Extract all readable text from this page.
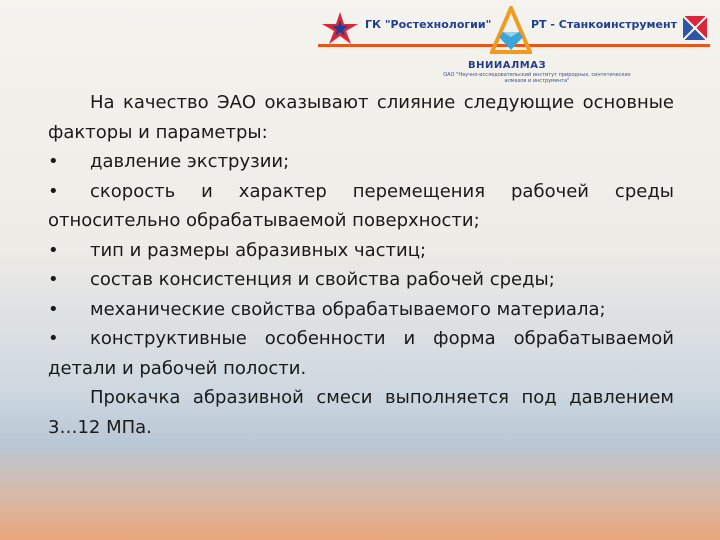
ГК "Ростехнологии"	РТ - Станкоинструмент
ВНИИАЛМАЗ
ОАО "Научно-исследовательский институт природных, синтетических алмазов и инструмента"

На качество ЭАО оказывают слияние следующие основные факторы и параметры:

•	давление экструзии;
•	скорость и характер перемещения рабочей среды

относительно обрабатываемой поверхности;

•	тип и размеры абразивных частиц;
•	состав консистенция и свойства рабочей среды;
•	механические свойства обрабатываемого материала;
•	конструктивные особенности и форма обрабатываемой

детали и рабочей полости.

Прокачка абразивной смеси выполняется под давлением 3…12 МПа.
